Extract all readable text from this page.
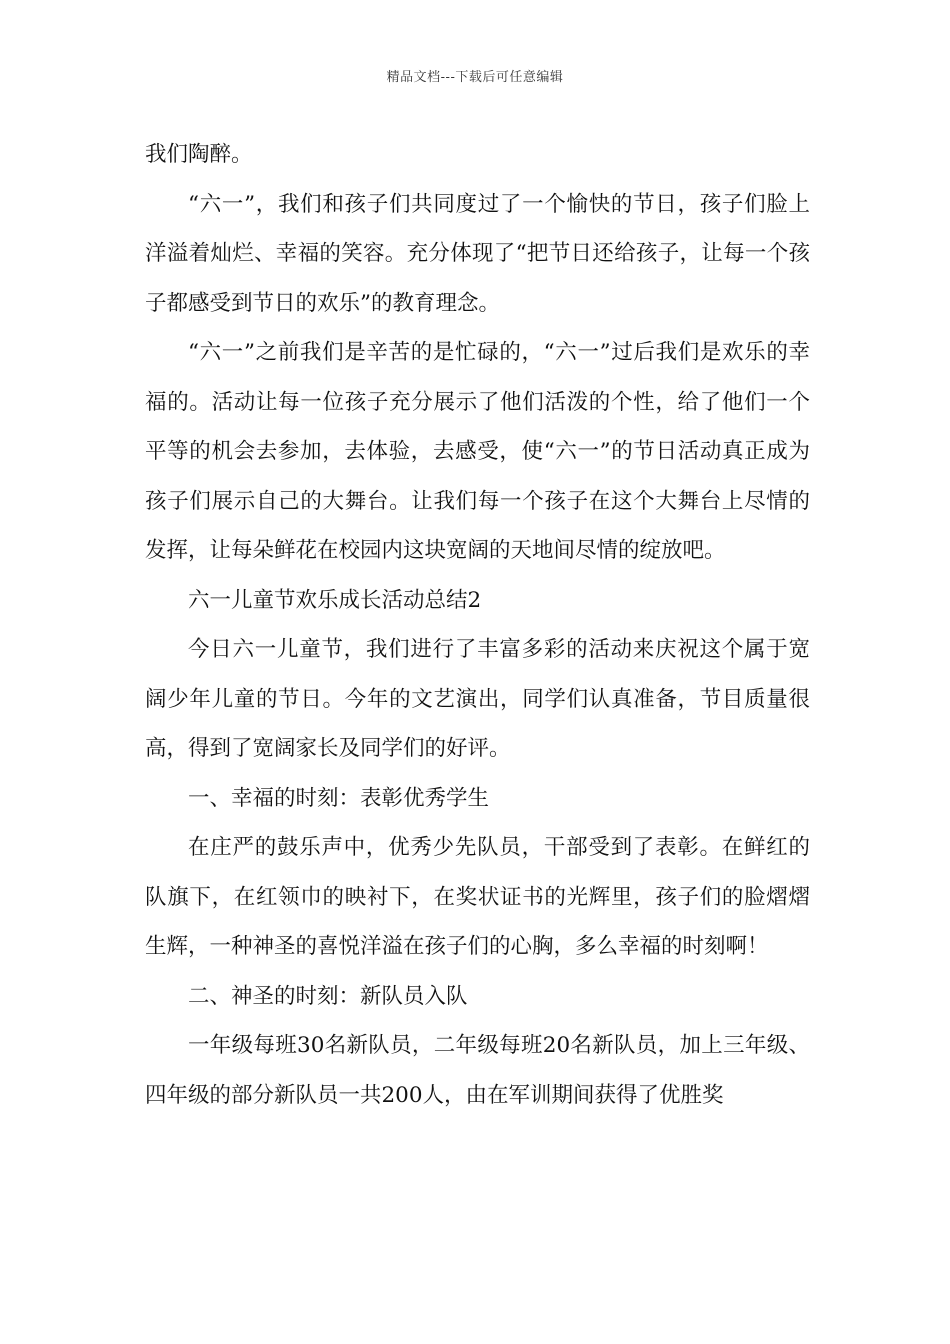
精品文档---下载后可任意编辑

我们陶醉。

“六一”，我们和孩子们共同度过了一个愉快的节日，孩子们脸上洋溢着灿烂、幸福的笑容。充分体现了“把节日还给孩子，让每一个孩子都感受到节日的欢乐”的教育理念。

“六一”之前我们是辛苦的是忙碌的，“六一”过后我们是欢乐的幸福的。活动让每一位孩子充分展示了他们活泼的个性，给了他们一个平等的机会去参加，去体验，去感受，使“六一”的节日活动真正成为孩子们展示自己的大舞台。让我们每一个孩子在这个大舞台上尽情的发挥，让每朵鲜花在校园内这块宽阔的天地间尽情的绽放吧。

六一儿童节欢乐成长活动总结2

今日六一儿童节，我们进行了丰富多彩的活动来庆祝这个属于宽阔少年儿童的节日。今年的文艺演出，同学们认真准备，节目质量很高，得到了宽阔家长及同学们的好评。

一、幸福的时刻：表彰优秀学生

在庄严的鼓乐声中，优秀少先队员，干部受到了表彰。在鲜红的队旗下，在红领巾的映衬下，在奖状证书的光辉里，孩子们的脸熠熠生辉，一种神圣的喜悦洋溢在孩子们的心胸，多么幸福的时刻啊！

二、神圣的时刻：新队员入队

一年级每班30名新队员，二年级每班20名新队员，加上三年级、四年级的部分新队员一共200人，由在军训期间获得了优胜奖
